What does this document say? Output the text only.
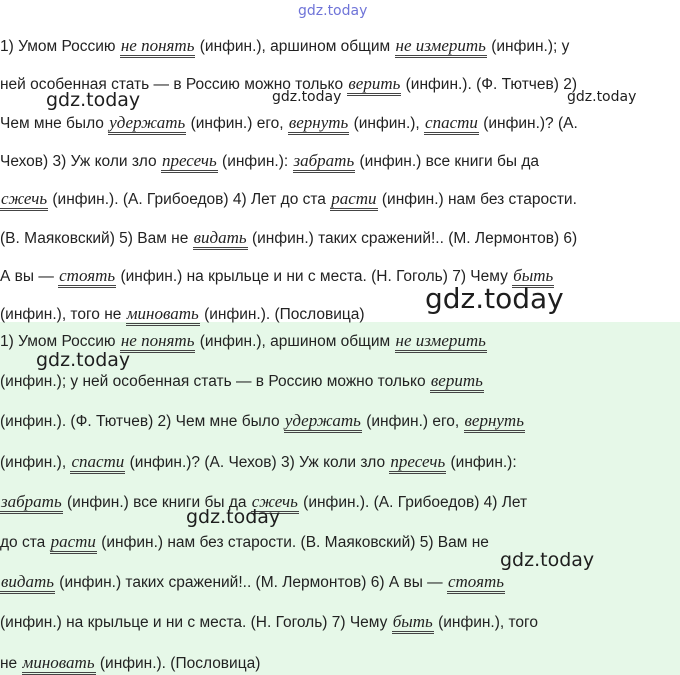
1) Умом Россию не понять (инфин.), аршином общим не измерить (инфин.); у
ней особенная стать — в Россию можно только верить (инфин.). (Ф. Тютчев) 2)
Чем мне было удержать (инфин.) его, вернуть (инфин.), спасти (инфин.)? (А.
Чехов) 3) Уж коли зло пресечь (инфин.): забрать (инфин.) все книги бы да
сжечь (инфин.). (А. Грибоедов) 4) Лет до ста расти (инфин.) нам без старости.
(В. Маяковский) 5) Вам не видать (инфин.) таких сражений!.. (М. Лермонтов) 6)
А вы — стоять (инфин.) на крыльце и ни с места. (Н. Гоголь) 7) Чему быть
(инфин.), того не миновать (инфин.). (Пословица)
1) Умом Россию не понять (инфин.), аршином общим не измерить
(инфин.); у ней особенная стать — в Россию можно только верить
(инфин.). (Ф. Тютчев) 2) Чем мне было удержать (инфин.) его, вернуть
(инфин.), спасти (инфин.)? (А. Чехов) 3) Уж коли зло пресечь (инфин.):
забрать (инфин.) все книги бы да сжечь (инфин.). (А. Грибоедов) 4) Лет
до ста расти (инфин.) нам без старости. (В. Маяковский) 5) Вам не
видать (инфин.) таких сражений!.. (М. Лермонтов) 6) А вы — стоять
(инфин.) на крыльце и ни с места. (Н. Гоголь) 7) Чему быть (инфин.), того
не миновать (инфин.). (Пословица)
gdz.today
gdz.today	gdz.today	gdz.today
gdz.today
gdz.today
gdz.today
gdz.today
